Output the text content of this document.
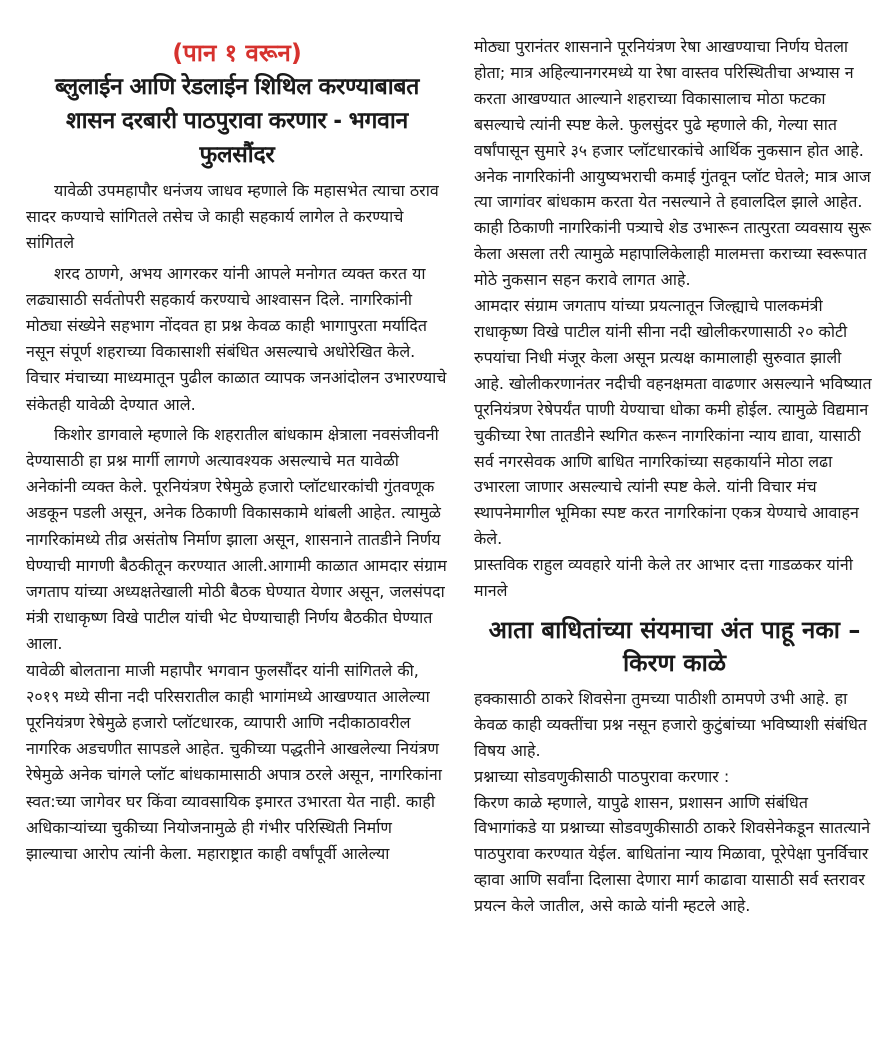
(पान १ वरून)
ब्लुलाईन आणि रेडलाईन शिथिल करण्याबाबत
शासन दरबारी पाठपुरावा करणार - भगवान फुलसौंदर

यावेळी उपमहापौर धनंजय जाधव म्हणाले कि महासभेत त्याचा ठराव सादर कण्याचे सांगितले तसेच जे काही सहकार्य लागेल ते करण्याचे सांगितले

शरद ठाणगे, अभय आगरकर यांनी आपले मनोगत व्यक्त करत या लढ्यासाठी सर्वतोपरी सहकार्य करण्याचे आश्वासन दिले. नागरिकांनी मोठ्या संख्येने सहभाग नोंदवत हा प्रश्न केवळ काही भागापुरता मर्यादित नसून संपूर्ण शहराच्या विकासाशी संबंधित असल्याचे अधोरेखित केले. विचार मंचाच्या माध्यमातून पुढील काळात व्यापक जनआंदोलन उभारण्याचे संकेतही यावेळी देण्यात आले.

किशोर डागवाले म्हणाले कि शहरातील बांधकाम क्षेत्राला नवसंजीवनी देण्यासाठी हा प्रश्न मार्गी लागणे अत्यावश्यक असल्याचे मत यावेळी अनेकांनी व्यक्त केले. पूरनियंत्रण रेषेमुळे हजारो प्लॉटधारकांची गुंतवणूक अडकून पडली असून, अनेक ठिकाणी विकासकामे थांबली आहेत. त्यामुळे नागरिकांमध्ये तीव्र असंतोष निर्माण झाला असून, शासनाने तातडीने निर्णय घेण्याची मागणी बैठकीतून करण्यात आली.आगामी काळात आमदार संग्राम जगताप यांच्या अध्यक्षतेखाली मोठी बैठक घेण्यात येणार असून, जलसंपदा मंत्री राधाकृष्ण विखे पाटील यांची भेट घेण्याचाही निर्णय बैठकीत घेण्यात आला.

यावेळी बोलताना माजी महापौर भगवान फुलसौंदर यांनी सांगितले की, २०१९ मध्ये सीना नदी परिसरातील काही भागांमध्ये आखण्यात आलेल्या पूरनियंत्रण रेषेमुळे हजारो प्लॉटधारक, व्यापारी आणि नदीकाठावरील नागरिक अडचणीत सापडले आहेत. चुकीच्या पद्धतीने आखलेल्या नियंत्रण रेषेमुळे अनेक चांगले प्लॉट बांधकामासाठी अपात्र ठरले असून, नागरिकांना स्वत:च्या जागेवर घर किंवा व्यावसायिक इमारत उभारता येत नाही. काही अधिकाऱ्यांच्या चुकीच्या नियोजनामुळे ही गंभीर परिस्थिती निर्माण झाल्याचा आरोप त्यांनी केला. महाराष्ट्रात काही वर्षांपूर्वी आलेल्या

मोठ्या पुरानंतर शासनाने पूरनियंत्रण रेषा आखण्याचा निर्णय घेतला होता; मात्र अहिल्यानगरमध्ये या रेषा वास्तव परिस्थितीचा अभ्यास न करता आखण्यात आल्याने शहराच्या विकासालाच मोठा फटका बसल्याचे त्यांनी स्पष्ट केले. फुलसुंदर पुढे म्हणाले की, गेल्या सात वर्षांपासून सुमारे ३५ हजार प्लॉटधारकांचे आर्थिक नुकसान होत आहे. अनेक नागरिकांनी आयुष्यभराची कमाई गुंतवून प्लॉट घेतले; मात्र आज त्या जागांवर बांधकाम करता येत नसल्याने ते हवालदिल झाले आहेत. काही ठिकाणी नागरिकांनी पत्र्याचे शेड उभारून तात्पुरता व्यवसाय सुरू केला असला तरी त्यामुळे महापालिकेलाही मालमत्ता कराच्या स्वरूपात मोठे नुकसान सहन करावे लागत आहे.

आमदार संग्राम जगताप यांच्या प्रयत्नातून जिल्ह्याचे पालकमंत्री राधाकृष्ण विखे पाटील यांनी सीना नदी खोलीकरणासाठी २० कोटी रुपयांचा निधी मंजूर केला असून प्रत्यक्ष कामालाही सुरुवात झाली आहे. खोलीकरणानंतर नदीची वहनक्षमता वाढणार असल्याने भविष्यात पूरनियंत्रण रेषेपर्यंत पाणी येण्याचा धोका कमी होईल. त्यामुळे विद्यमान चुकीच्या रेषा तातडीने स्थगित करून नागरिकांना न्याय द्यावा, यासाठी सर्व नगरसेवक आणि बाधित नागरिकांच्या सहकार्याने मोठा लढा उभारला जाणार असल्याचे त्यांनी स्पष्ट केले. यांनी विचार मंच स्थापनेमागील भूमिका स्पष्ट करत नागरिकांना एकत्र येण्याचे आवाहन केले.

प्रास्तविक राहुल व्यवहारे यांनी केले तर आभार दत्ता गाडळकर यांनी मानले

आता बाधितांच्या संयमाचा अंत पाहू नका – किरण काळे

हक्कासाठी ठाकरे शिवसेना तुमच्या पाठीशी ठामपणे उभी आहे. हा केवळ काही व्यक्तींचा प्रश्न नसून हजारो कुटुंबांच्या भविष्याशी संबंधित विषय आहे.

प्रश्नाच्या सोडवणुकीसाठी पाठपुरावा करणार :

किरण काळे म्हणाले, यापुढे शासन, प्रशासन आणि संबंधित विभागांकडे या प्रश्नाच्या सोडवणुकीसाठी ठाकरे शिवसेनेकडून सातत्याने पाठपुरावा करण्यात येईल. बाधितांना न्याय मिळावा, पूरेपेक्षा पुनर्विचार व्हावा आणि सर्वांना दिलासा देणारा मार्ग काढावा यासाठी सर्व स्तरावर प्रयत्न केले जातील, असे काळे यांनी म्हटले आहे.
